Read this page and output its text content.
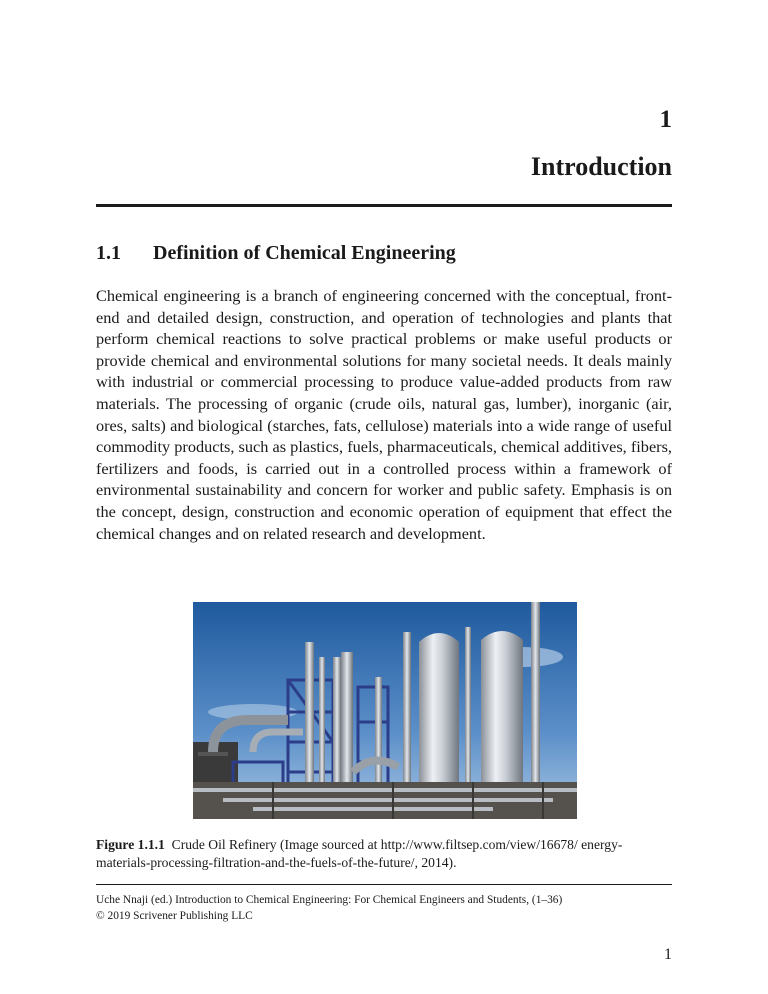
1
Introduction
1.1 Definition of Chemical Engineering

Chemical engineering is a branch of engineering concerned with the conceptual, front-end and detailed design, construction, and operation of technologies and plants that perform chemical reactions to solve practical problems or make useful products or provide chemical and environmental solutions for many societal needs. It deals mainly with industrial or commercial processing to produce value-added products from raw materials. The processing of organic (crude oils, natural gas, lumber), inorganic (air, ores, salts) and biological (starches, fats, cellulose) materials into a wide range of useful commodity products, such as plastics, fuels, pharmaceuticals, chemical additives, fibers, fertilizers and foods, is carried out in a controlled process within a framework of environmental sustainability and concern for worker and public safety. Emphasis is on the concept, design, construction and economic operation of equipment that effect the chemical changes and on related research and development.

Figure 1.1.1 Crude Oil Refinery (Image sourced at http://www.filtsep.com/view/16678/ energy-materials-processing-filtration-and-the-fuels-of-the-future/, 2014).
Uche Nnaji (ed.) Introduction to Chemical Engineering: For Chemical Engineers and Students, (1–36)
© 2019 Scrivener Publishing LLC
1
